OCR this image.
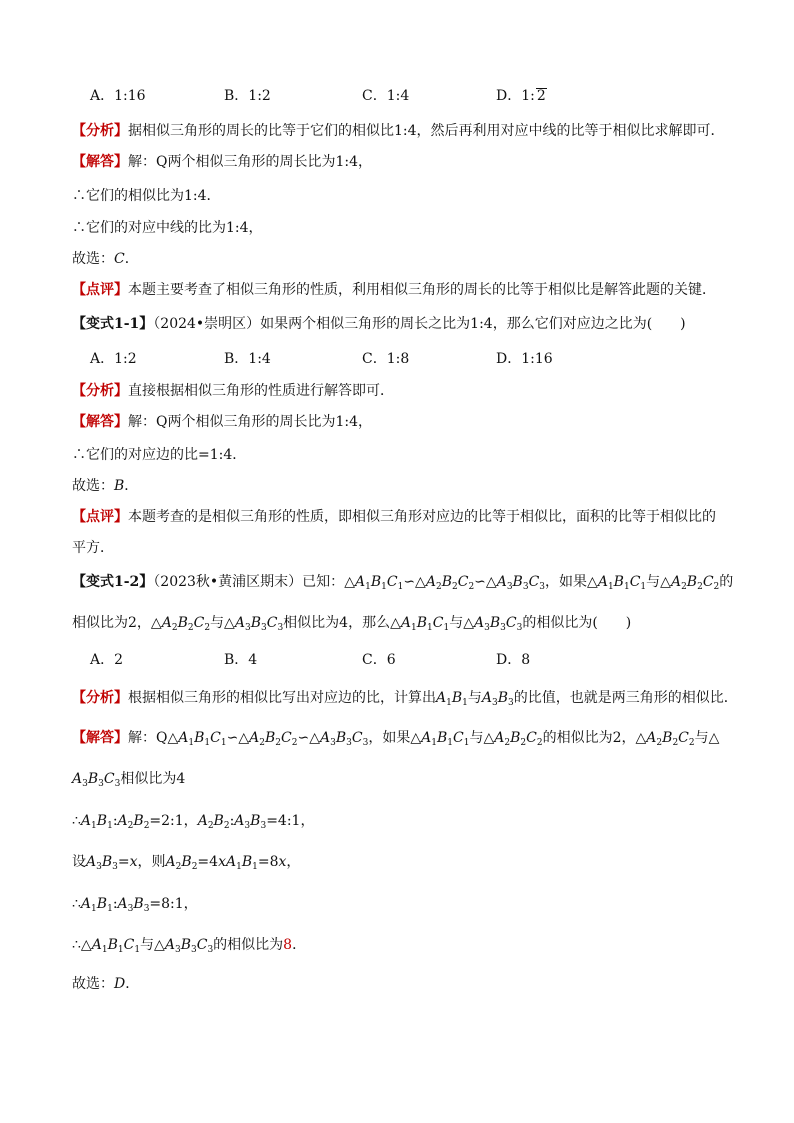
A．1:16	B．1:2	C．1:4	D．1: 2
【分析】据相似三角形的周长的比等于它们的相似比1:4，然后再利用对应中线的比等于相似比求解即可．
【解答】解：Q两个相似三角形的周长比为1:4，
∴它们的相似比为1:4．
∴它们的对应中线的比为1:4，
故选：C．
【点评】本题主要考查了相似三角形的性质，利用相似三角形的周长的比等于相似比是解答此题的关键．
【变式1-1】（2024•崇明区）如果两个相似三角形的周长之比为1:4，那么它们对应边之比为(　　)
A．1:2	B．1:4	C．1:8	D．1:16
【分析】直接根据相似三角形的性质进行解答即可．
【解答】解：Q两个相似三角形的周长比为1:4，
∴它们的对应边的比=1:4．
故选：B．
【点评】本题考查的是相似三角形的性质，即相似三角形对应边的比等于相似比，面积的比等于相似比的
平方．
【变式1-2】（2023秋•黄浦区期末）已知：$\triangle A_1B_1C_1∽\triangle A_2B_2C_2∽\triangle A_3B_3C_3$，如果$\triangle A_1B_1C_1$与$\triangle A_2B_2C_2$的
相似比为2，$\triangle A_2B_2C_2$与$\triangle A_3B_3C_3$相似比为4，那么$\triangle A_1B_1C_1$与$\triangle A_3B_3C_3$的相似比为(　　)
A．2	B．4	C．6	D．8
【分析】根据相似三角形的相似比写出对应边的比，计算出$A_1B_1$与$A_3B_3$的比值，也就是两三角形的相似比．
【解答】解：$Q\triangle A_1B_1C_1∽\triangle A_2B_2C_2∽\triangle A_3B_3C_3$，如果$\triangle A_1B_1C_1$与$\triangle A_2B_2C_2$的相似比为2，$\triangle A_2B_2C_2$与△
$A_3B_3C_3$相似比为4
$\therefore A_1B_1:A_2B_2=2:1$，$A_2B_2:A_3B_3=4:1$，
设$A_3B_3=x$，则$A_2B_2=4xA_1B_1=8x$，
$\therefore A_1B_1:A_3B_3=8:1$，
$\therefore\triangle A_1B_1C_1$与$\triangle A_3B_3C_3$的相似比为8．
故选：D．
